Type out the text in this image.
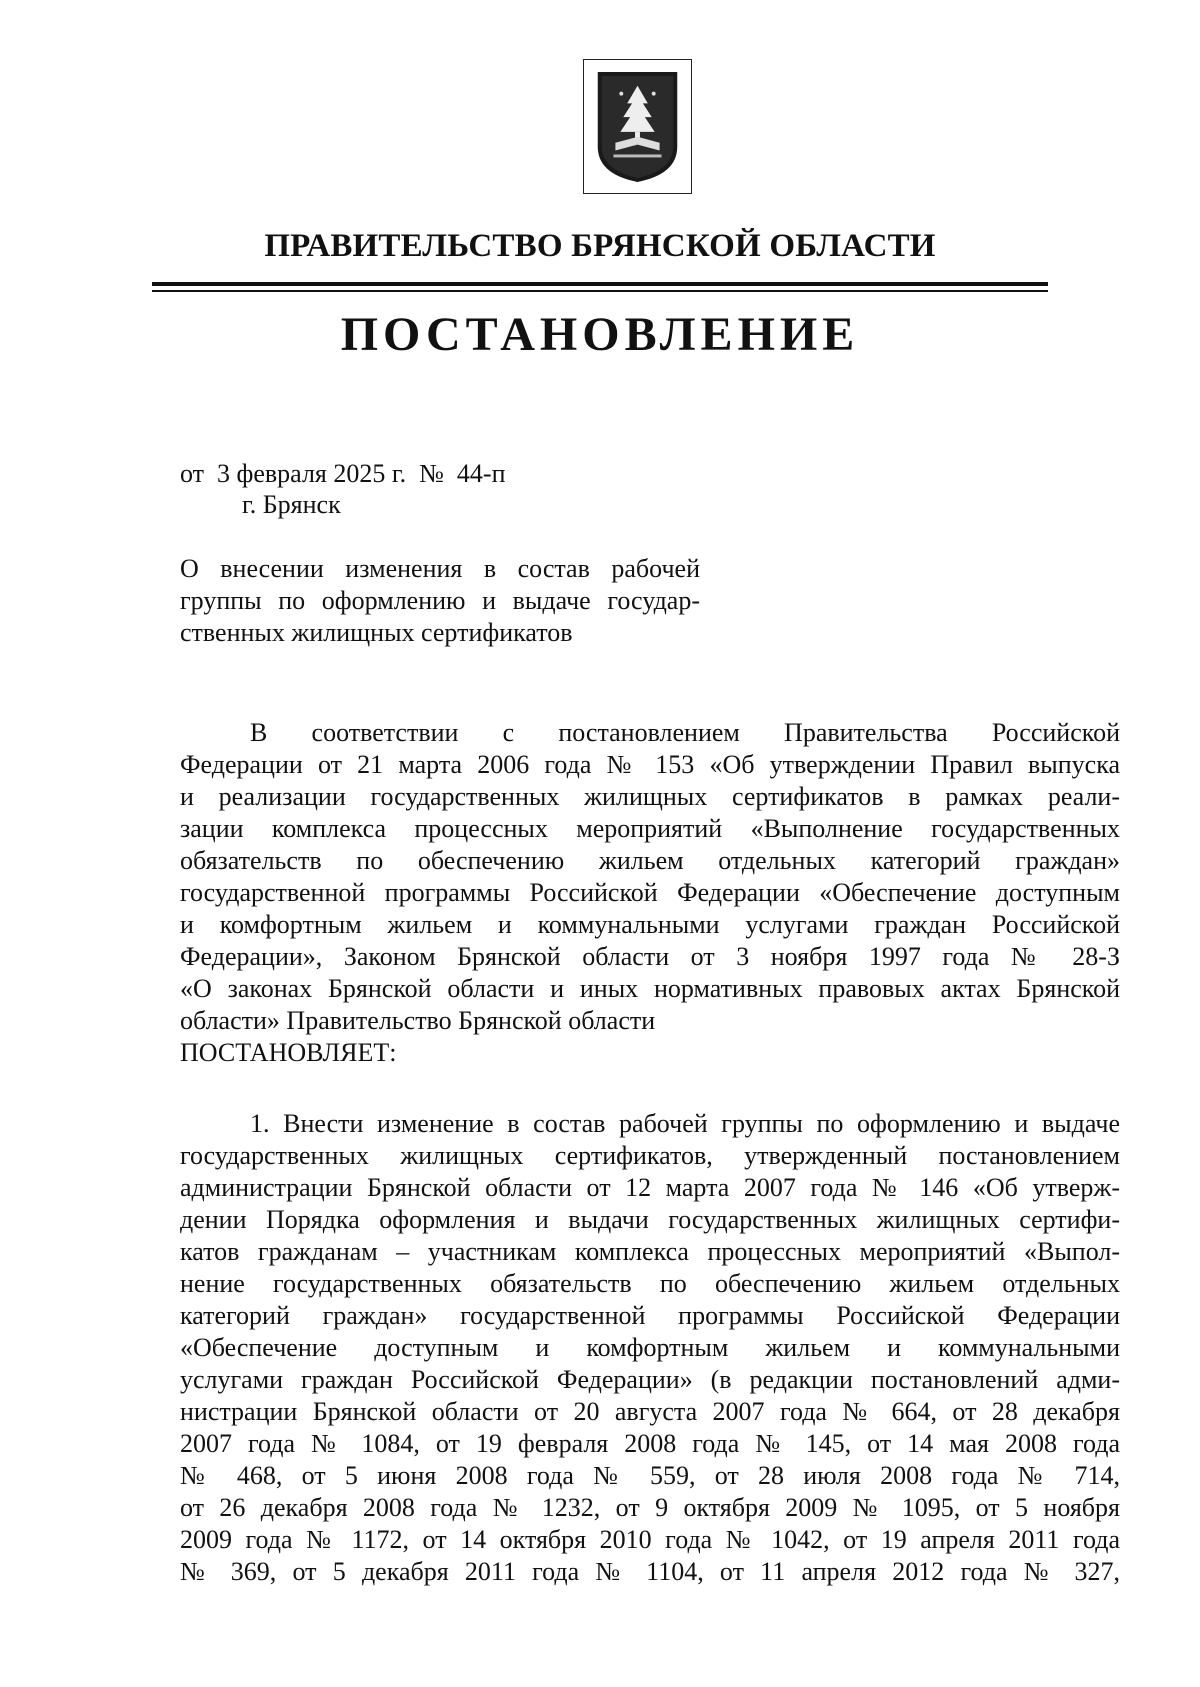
ПРАВИТЕЛЬСТВО БРЯНСКОЙ ОБЛАСТИ
ПОСТАНОВЛЕНИЕ
от  3 февраля 2025 г.  №  44-п
г. Брянск
О внесении изменения в состав рабочей
группы по оформлению и выдаче государ-
ственных жилищных сертификатов
В соответствии с постановлением Правительства Российской
Федерации от 21 марта 2006 года № 153 «Об утверждении Правил выпуска
и реализации государственных жилищных сертификатов в рамках реали-
зации комплекса процессных мероприятий «Выполнение государственных
обязательств по обеспечению жильем отдельных категорий граждан»
государственной программы Российской Федерации «Обеспечение доступным
и комфортным жильем и коммунальными услугами граждан Российской
Федерации», Законом Брянской области от 3 ноября 1997 года № 28-З
«О законах Брянской области и иных нормативных правовых актах Брянской
области» Правительство Брянской области
ПОСТАНОВЛЯЕТ:
1. Внести изменение в состав рабочей группы по оформлению и выдаче
государственных жилищных сертификатов, утвержденный постановлением
администрации Брянской области от 12 марта 2007 года № 146 «Об утверж-
дении Порядка оформления и выдачи государственных жилищных сертифи-
катов гражданам – участникам комплекса процессных мероприятий «Выпол-
нение государственных обязательств по обеспечению жильем отдельных
категорий граждан» государственной программы Российской Федерации
«Обеспечение доступным и комфортным жильем и коммунальными
услугами граждан Российской Федерации» (в редакции постановлений адми-
нистрации Брянской области от 20 августа 2007 года № 664, от 28 декабря
2007 года № 1084, от 19 февраля 2008 года № 145, от 14 мая 2008 года
№ 468, от 5 июня 2008 года № 559, от 28 июля 2008 года № 714,
от 26 декабря 2008 года № 1232, от 9 октября 2009 № 1095, от 5 ноября
2009 года № 1172, от 14 октября 2010 года № 1042, от 19 апреля 2011 года
№ 369, от 5 декабря 2011 года № 1104, от 11 апреля 2012 года № 327,
